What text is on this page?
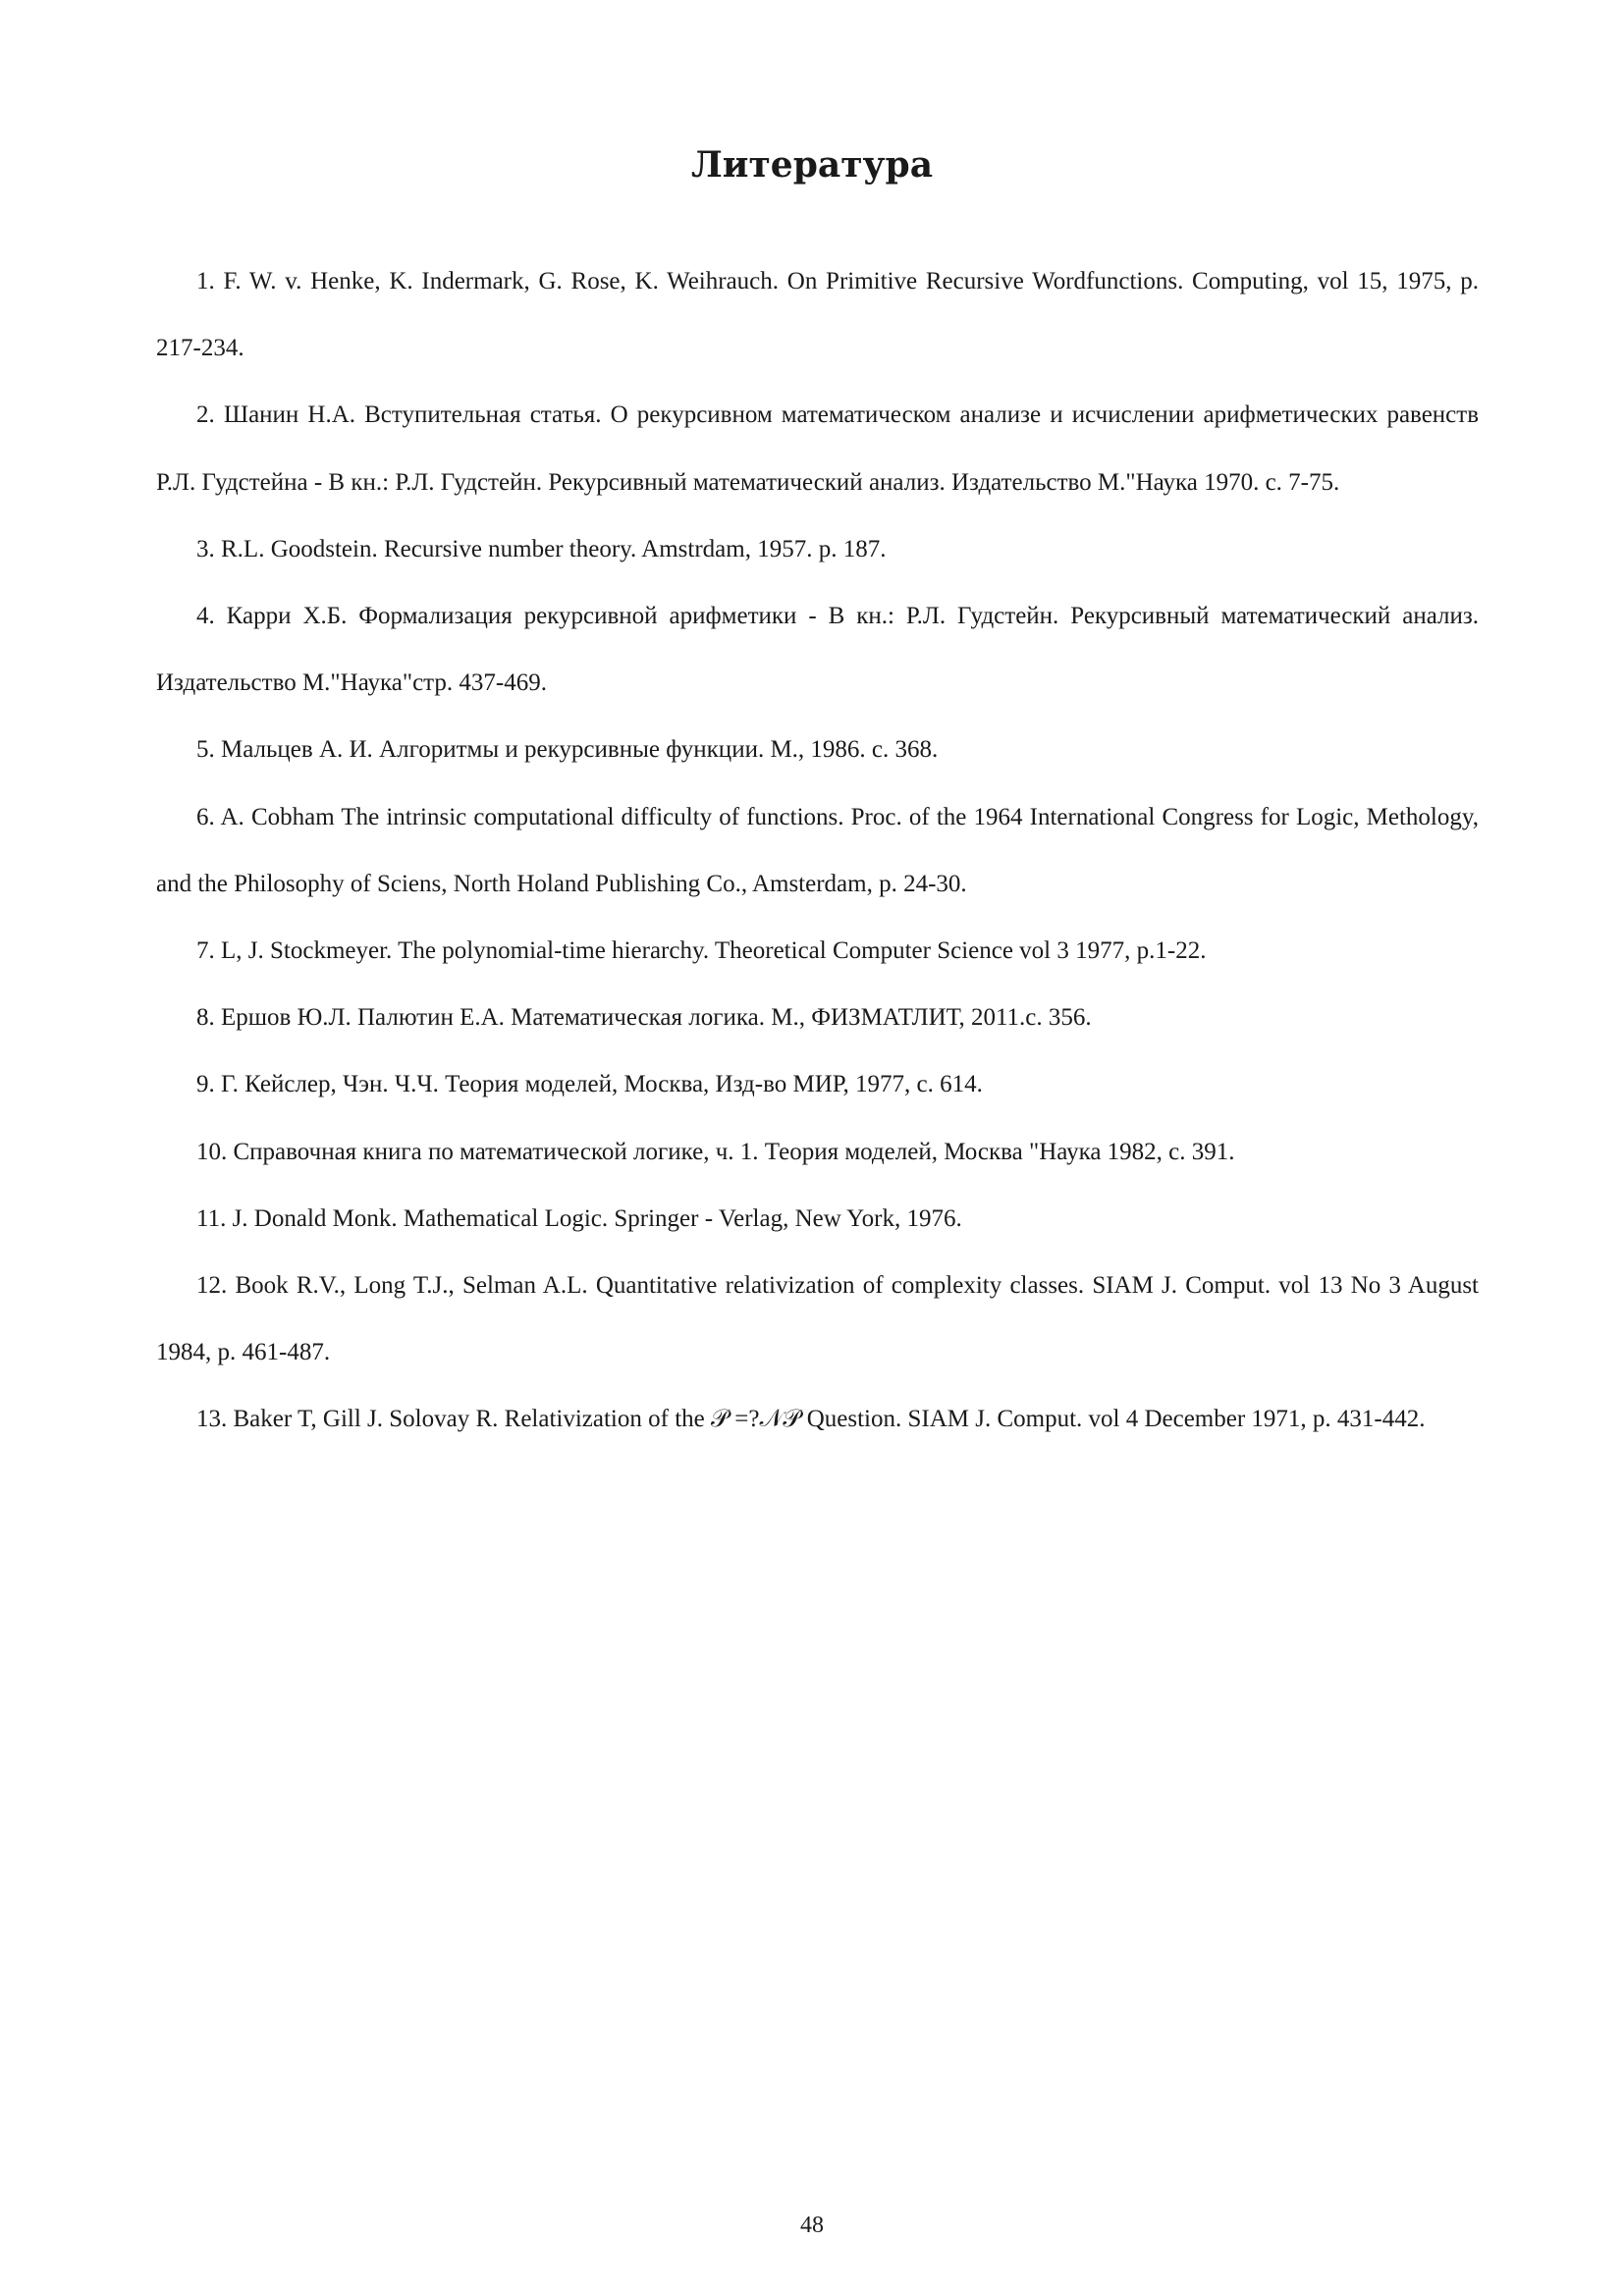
Литература
1. F. W. v. Henke, K. Indermark, G. Rose, K. Weihrauch. On Primitive Recursive Wordfunctions. Computing, vol 15, 1975, p. 217-234.
2. Шанин Н.А. Вступительная статья. О рекурсивном математическом анализе и исчислении арифметических равенств Р.Л. Гудстейна - В кн.: Р.Л. Гудстейн. Рекурсивный математический анализ. Издательство М."Наука 1970. с. 7-75.
3. R.L. Goodstein. Recursive number theory. Amstrdam, 1957. p. 187.
4. Карри Х.Б. Формализация рекурсивной арифметики - В кн.: Р.Л. Гудстейн. Рекурсивный математический анализ. Издательство М."Наука"стр. 437-469.
5. Мальцев А. И. Алгоритмы и рекурсивные функции. М., 1986. с. 368.
6. A. Cobham The intrinsic computational difficulty of functions. Proc. of the 1964 International Congress for Logic, Methology, and the Philosophy of Sciens, North Holand Publishing Co., Amsterdam, p. 24-30.
7. L, J. Stockmeyer. The polynomial-time hierarchy. Theoretical Computer Science vol 3 1977, p.1-22.
8. Ершов Ю.Л. Палютин Е.А. Математическая логика. М., ФИЗМАТЛИТ, 2011.с. 356.
9. Г. Кейслер, Чэн. Ч.Ч. Теория моделей, Москва, Изд-во МИР, 1977, с. 614.
10. Справочная книга по математической логике, ч. 1. Теория моделей, Москва "Наука 1982, с. 391.
11. J. Donald Monk. Mathematical Logic. Springer - Verlag, New York, 1976.
12. Book R.V., Long T.J., Selman A.L. Quantitative relativization of complexity classes. SIAM J. Comput. vol 13 No 3 August 1984, p. 461-487.
13. Baker T, Gill J. Solovay R. Relativization of the 𝒫 =?𝒩𝒫 Question. SIAM J. Comput. vol 4 December 1971, p. 431-442.
48
